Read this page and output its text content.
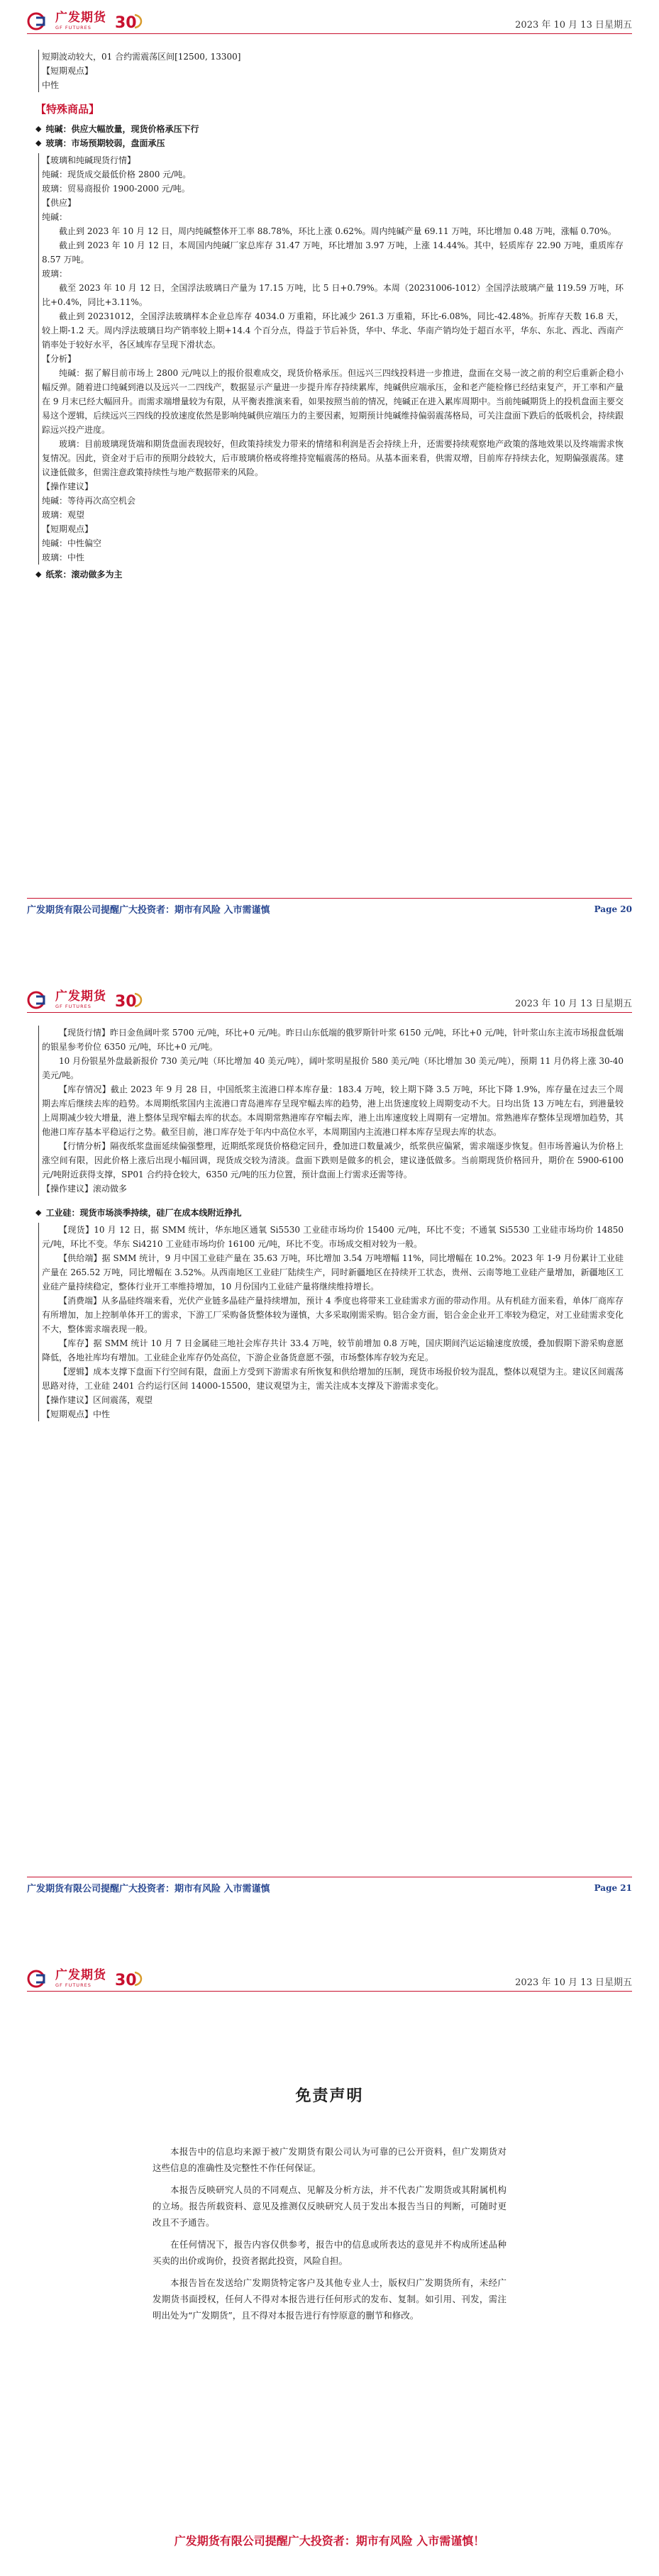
广发期货
GF FUTURES	30	2023 年 10 月 13 日星期五
短期波动较大，01 合约需震荡区间[12500, 13300]
【短期观点】
中性
【特殊商品】
◆ 纯碱：供应大幅放量，现货价格承压下行
◆ 玻璃：市场预期较弱，盘面承压
【玻璃和纯碱现货行情】
纯碱：现货成交最低价格 2800 元/吨。
玻璃：贸易商报价 1900-2000 元/吨。
【供应】
纯碱：
截止到 2023 年 10 月 12 日，周内纯碱整体开工率 88.78%，环比上涨 0.62%。周内纯碱产量 69.11 万吨，环比增加 0.48 万吨，涨幅 0.70%。
截止到 2023 年 10 月 12 日，本周国内纯碱厂家总库存 31.47 万吨，环比增加 3.97 万吨，上涨 14.44%。其中，轻质库存 22.90 万吨，重质库存 8.57 万吨。
玻璃：
截至 2023 年 10 月 12 日，全国浮法玻璃日产量为 17.15 万吨，比 5 日+0.79%。本周（20231006-1012）全国浮法玻璃产量 119.59 万吨，环比+0.4%，同比+3.11%。
截止到 20231012，全国浮法玻璃样本企业总库存 4034.0 万重箱，环比减少 261.3 万重箱，环比-6.08%，同比-42.48%。折库存天数 16.8 天，较上期-1.2 天。周内浮法玻璃日均产销率较上期+14.4 个百分点，得益于节后补货，华中、华北、华南产销均处于超百水平，华东、东北、西北、西南产销率处于较好水平，各区域库存呈现下滑状态。
【分析】
纯碱：据了解目前市场上 2800 元/吨以上的报价很难成交，现货价格承压。但远兴三四线投料进一步推进，盘面在交易一波之前的利空后重新企稳小幅反弹。随着进口纯碱到港以及远兴一二四线产，数据显示产量进一步提升库存持续累库，纯碱供应端承压，金和老产能检修已经结束复产，开工率和产量在 9 月末已经大幅回升。而需求端增量较为有限，从平衡表推演来看，如果按照当前的情况，纯碱正在进入累库周期中。当前纯碱期货上的投机盘面主要交易这个逻辑，后续远兴三四线的投放速度依然是影响纯碱供应端压力的主要因素，短期预计纯碱维持偏弱震荡格局，可关注盘面下跌后的低吸机会，持续跟踪远兴投产进度。
玻璃：目前玻璃现货端和期货盘面表现较好，但政策持续发力带来的情绪和利润是否会持续上升，还需要持续观察地产政策的落地效果以及终端需求恢复情况。因此，资金对于后市的预期分歧较大，后市玻璃价格或将维持宽幅震荡的格局。从基本面来看，供需双增，目前库存持续去化，短期偏强震荡。建议逢低做多，但需注意政策持续性与地产数据带来的风险。
【操作建议】
纯碱：等待再次高空机会
玻璃：观望
【短期观点】
纯碱：中性偏空
玻璃：中性
◆ 纸浆：滚动做多为主
广发期货有限公司提醒广大投资者：期市有风险 入市需谨慎	Page 20
广发期货
GF FUTURES	30	2023 年 10 月 13 日星期五
【现货行情】昨日金鱼阔叶浆 5700 元/吨，环比+0 元/吨。昨日山东低端的俄罗斯针叶浆 6150 元/吨，环比+0 元/吨，针叶浆山东主流市场报盘低端的银星参考价位 6350 元/吨，环比+0 元/吨。
10 月份银星外盘最新报价 730 美元/吨（环比增加 40 美元/吨），阔叶浆明星报价 580 美元/吨（环比增加 30 美元/吨），预期 11 月仍将上涨 30-40 美元/吨。
【库存情况】截止 2023 年 9 月 28 日，中国纸浆主流港口样本库存量：183.4 万吨，较上期下降 3.5 万吨，环比下降 1.9%，库存量在过去三个周期去库后继续去库的趋势。本周期纸浆国内主流港口青岛港库存呈现窄幅去库的趋势，港上出货速度较上周期变动不大。日均出货 13 万吨左右，到港量较上周期减少较大增量，港上整体呈现窄幅去库的状态。本周期常熟港库存窄幅去库，港上出库速度较上周期有一定增加。常熟港库存整体呈现增加趋势，其他港口库存基本平稳运行之势。截至目前，港口库存处于年内中高位水平，本周期国内主流港口样本库存呈现去库的状态。
【行情分析】隔夜纸浆盘面延续偏强整理，近期纸浆现货价格稳定回升，叠加进口数量减少，纸浆供应偏紧，需求端逐步恢复。但市场普遍认为价格上涨空间有限，因此价格上涨后出现小幅回调，现货成交较为清淡。盘面下跌则是做多的机会，建议逢低做多。当前期现货价格回升，期价在 5900-6100 元/吨附近获得支撑，SP01 合约持仓较大，6350 元/吨的压力位置，预计盘面上行需求还需等待。
【操作建议】滚动做多
◆ 工业硅：现货市场淡季持续，硅厂在成本线附近挣扎
【现货】10 月 12 日，据 SMM 统计，华东地区通氧 Si5530 工业硅市场均价 15400 元/吨，环比不变；不通氧 Si5530 工业硅市场均价 14850 元/吨，环比不变。华东 Si4210 工业硅市场均价 16100 元/吨，环比不变。市场成交相对较为一般。
【供给端】据 SMM 统计，9 月中国工业硅产量在 35.63 万吨，环比增加 3.54 万吨增幅 11%，同比增幅在 10.2%。2023 年 1-9 月份累计工业硅产量在 265.52 万吨，同比增幅在 3.52%。从西南地区工业硅厂陆续生产，同时新疆地区在持续开工状态，贵州、云南等地工业硅产量增加，新疆地区工业硅产量持续稳定，整体行业开工率维持增加，10 月份国内工业硅产量将继续维持增长。
【消费端】从多晶硅终端来看，光伏产业链多晶硅产量持续增加，预计 4 季度也将带来工业硅需求方面的带动作用。从有机硅方面来看，单体厂商库存有所增加，加上控制单体开工的需求，下游工厂采购备货整体较为谨慎，大多采取刚需采购。铝合金方面，铝合金企业开工率较为稳定，对工业硅需求变化不大，整体需求端表现一般。
【库存】据 SMM 统计 10 月 7 日金属硅三地社会库存共计 33.4 万吨，较节前增加 0.8 万吨，国庆期间汽运运输速度放缓，叠加假期下游采购意愿降低，各地社库均有增加。工业硅企业库存仍处高位，下游企业备货意愿不强，市场整体库存较为充足。
【逻辑】成本支撑下盘面下行空间有限，盘面上方受到下游需求有所恢复和供给增加的压制，现货市场报价较为混乱，整体以观望为主。建议区间震荡思路对待，工业硅 2401 合约运行区间 14000-15500，建议观望为主，需关注成本支撑及下游需求变化。
【操作建议】区间震荡，观望
【短期观点】中性
广发期货有限公司提醒广大投资者：期市有风险 入市需谨慎	Page 21
广发期货
GF FUTURES	30	2023 年 10 月 13 日星期五
免责声明
本报告中的信息均来源于被广发期货有限公司认为可靠的已公开资料，但广发期货对这些信息的准确性及完整性不作任何保证。
本报告反映研究人员的不同观点、见解及分析方法，并不代表广发期货或其附属机构的立场。报告所载资料、意见及推测仅反映研究人员于发出本报告当日的判断，可随时更改且不予通告。
在任何情况下，报告内容仅供参考，报告中的信息或所表达的意见并不构成所述品种买卖的出价或询价，投资者据此投资，风险自担。
本报告旨在发送给广发期货特定客户及其他专业人士，版权归广发期货所有，未经广发期货书面授权，任何人不得对本报告进行任何形式的发布、复制。如引用、刊发，需注明出处为“广发期货”，且不得对本报告进行有悖原意的删节和修改。
广发期货有限公司提醒广大投资者：期市有风险 入市需谨慎！
